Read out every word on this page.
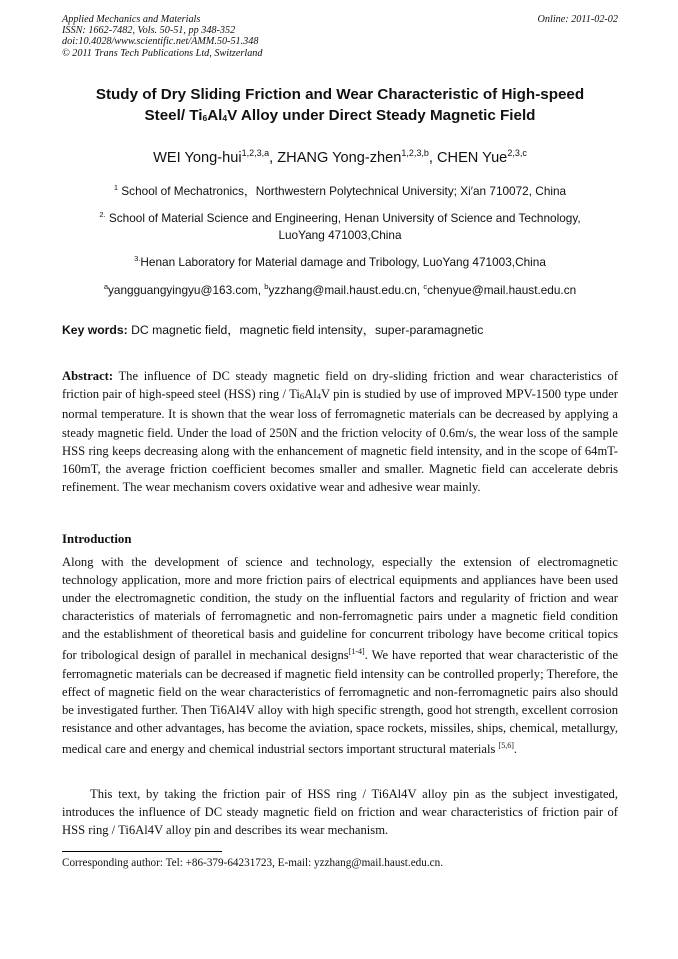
Applied Mechanics and Materials
ISSN: 1662-7482, Vols. 50-51, pp 348-352
doi:10.4028/www.scientific.net/AMM.50-51.348
© 2011 Trans Tech Publications Ltd, Switzerland
Online: 2011-02-02
Study of Dry Sliding Friction and Wear Characteristic of High-speed
Steel/ $Ti_6Al_4V$ Alloy under Direct Steady Magnetic Field
WEI Yong-hui$^{1,2,3,a}$, ZHANG Yong-zhen$^{1,2,3,b}$, CHEN Yue$^{2,3,c}$
$^1$ School of Mechatronics，Northwestern Polytechnical University; Xi′an 710072, China
$^{2.}$ School of Material Science and Engineering, Henan University of Science and Technology,
LuoYang 471003,China
$^{3.}$Henan Laboratory for Material damage and Tribology, LuoYang 471003,China
$^a$yangguangyingyu@163.com, $^b$yzzhang@mail.haust.edu.cn, $^c$chenyue@mail.haust.edu.cn
Key words: DC magnetic field，magnetic field intensity，super-paramagnetic
Abstract: The influence of DC steady magnetic field on dry-sliding friction and wear characteristics of friction pair of high-speed steel (HSS) ring / $Ti_6Al_4V$ pin is studied by use of improved MPV-1500 type under normal temperature. It is shown that the wear loss of ferromagnetic materials can be decreased by applying a steady magnetic field. Under the load of 250N and the friction velocity of 0.6m/s, the wear loss of the sample HSS ring keeps decreasing along with the enhancement of magnetic field intensity, and in the scope of 64mT-160mT, the average friction coefficient becomes smaller and smaller. Magnetic field can accelerate debris refinement. The wear mechanism covers oxidative wear and adhesive wear mainly.
Introduction
Along with the development of science and technology, especially the extension of electromagnetic technology application, more and more friction pairs of electrical equipments and appliances have been used under the electromagnetic condition, the study on the influential factors and regularity of friction and wear characteristics of materials of ferromagnetic and non-ferromagnetic pairs under a magnetic field condition and the establishment of theoretical basis and guideline for concurrent tribology have become critical topics for tribological design of parallel in mechanical designs[1-4]. We have reported that wear characteristic of the ferromagnetic materials can be decreased if magnetic field intensity can be controlled properly; Therefore, the effect of magnetic field on the wear characteristics of ferromagnetic and non-ferromagnetic pairs also should be investigated further. Then Ti6Al4V alloy with high specific strength, good hot strength, excellent corrosion resistance and other advantages, has become the aviation, space rockets, missiles, ships, chemical, metallurgy, medical care and energy and chemical industrial sectors important structural materials [5,6].
This text, by taking the friction pair of HSS ring / Ti6Al4V alloy pin as the subject investigated, introduces the influence of DC steady magnetic field on friction and wear characteristics of friction pair of HSS ring / Ti6Al4V alloy pin and describes its wear mechanism.
Corresponding author: Tel: +86-379-64231723, E-mail: yzzhang@mail.haust.edu.cn.
